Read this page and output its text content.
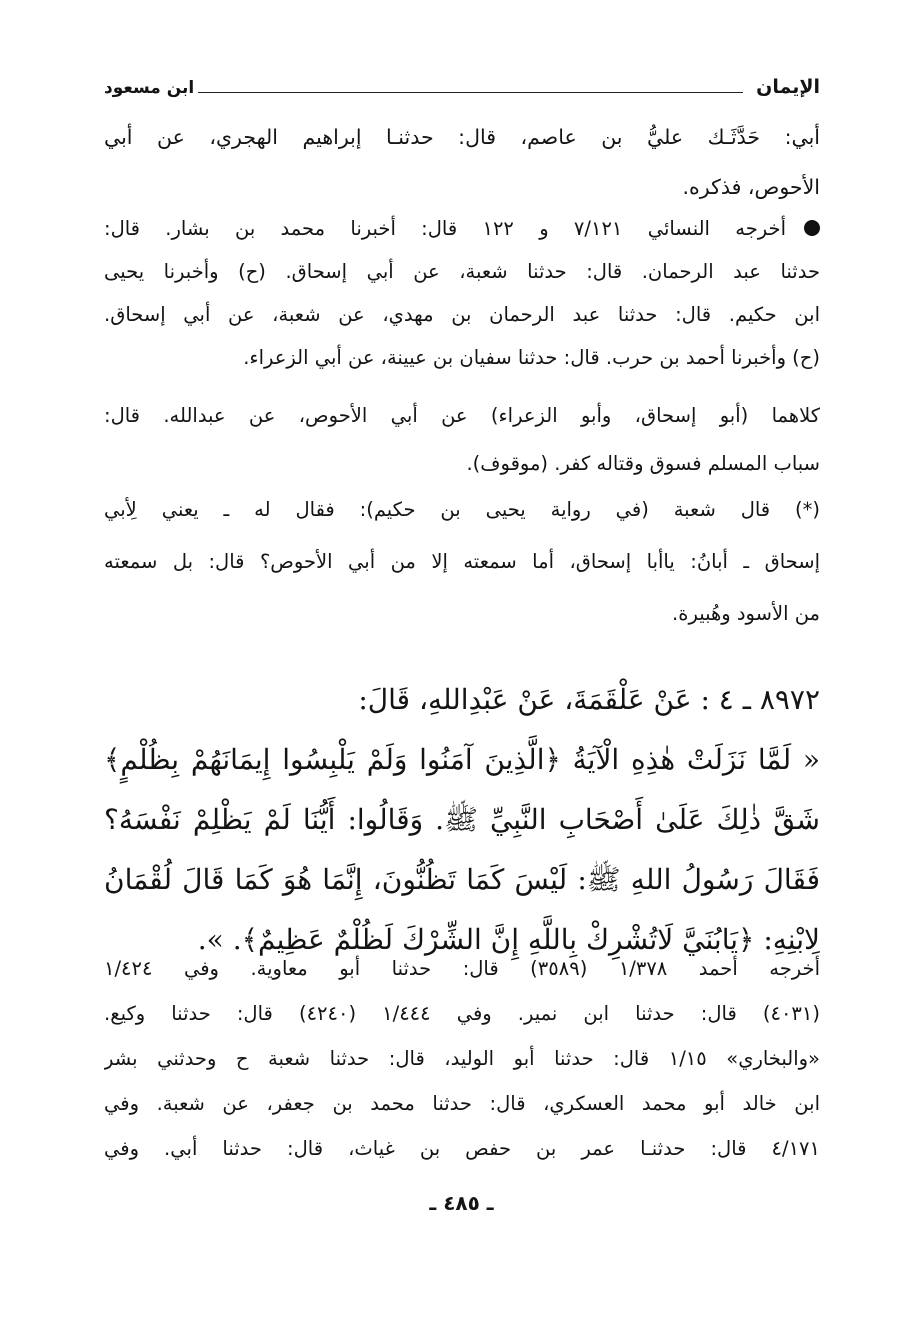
الإيمان
ابن مسعود
أبي: حَدَّثَـك عليُّ بن عاصم، قال: حدثنـا إبراهيم الهجري، عن أبي
الأحوص، فذكره.
أخرجه النسائي ٧/١٢١ و ١٢٢ قال: أخبرنا محمد بن بشار. قال:
حدثنا عبد الرحمان. قال: حدثنا شعبة، عن أبي إسحاق. (ح) وأخبرنا يحيى
ابن حكيم. قال: حدثنا عبد الرحمان بن مهدي، عن شعبة، عن أبي إسحاق.
(ح) وأخبرنا أحمد بن حرب. قال: حدثنا سفيان بن عيينة، عن أبي الزعراء.
كلاهما (أبو إسحاق، وأبو الزعراء) عن أبي الأحوص، عن عبدالله. قال:
سباب المسلم فسوق وقتاله كفر. (موقوف).
(*) قال شعبة (في رواية يحيى بن حكيم): فقال له ـ يعني لِأبي
إسحاق ـ أبانُ: ياأبا إسحاق، أما سمعته إلا من أبي الأحوص؟ قال: بل سمعته
من الأسود وهُبيرة.
٨٩٧٢ ـ ٤ : عَنْ عَلْقَمَةَ، عَنْ عَبْدِاللهِ، قَالَ:
« لَمَّا نَزَلَتْ هٰذِهِ الْآيَةُ ﴿الَّذِينَ آمَنُوا وَلَمْ يَلْبِسُوا إِيمَانَهُمْ بِظُلْمٍ﴾
شَقَّ ذٰلِكَ عَلَىٰ أَصْحَابِ النَّبِيِّ ﷺ. وَقَالُوا: أَيُّنَا لَمْ يَظْلِمْ نَفْسَهُ؟
فَقَالَ رَسُولُ اللهِ ﷺ: لَيْسَ كَمَا تَظُنُّونَ، إِنَّمَا هُوَ كَمَا قَالَ لُقْمَانُ
لِابْنِهِ: ﴿يَابُنَيَّ لَاتُشْرِكْ بِاللَّهِ إِنَّ الشِّرْكَ لَظُلْمٌ عَظِيمٌ﴾. ».
أخرجه أحمد ١/٣٧٨ (٣٥٨٩) قال: حدثنا أبو معاوية. وفي ١/٤٢٤
(٤٠٣١) قال: حدثنا ابن نمير. وفي ١/٤٤٤ (٤٢٤٠) قال: حدثنا وكيع.
«والبخاري» ١/١٥ قال: حدثنا أبو الوليد، قال: حدثنا شعبة ح وحدثني بشر
ابن خالد أبو محمد العسكري، قال: حدثنا محمد بن جعفر، عن شعبة. وفي
٤/١٧١ قال: حدثنـا عمر بن حفص بن غياث، قال: حدثنا أبي. وفي
ـ ٤٨٥ ـ
